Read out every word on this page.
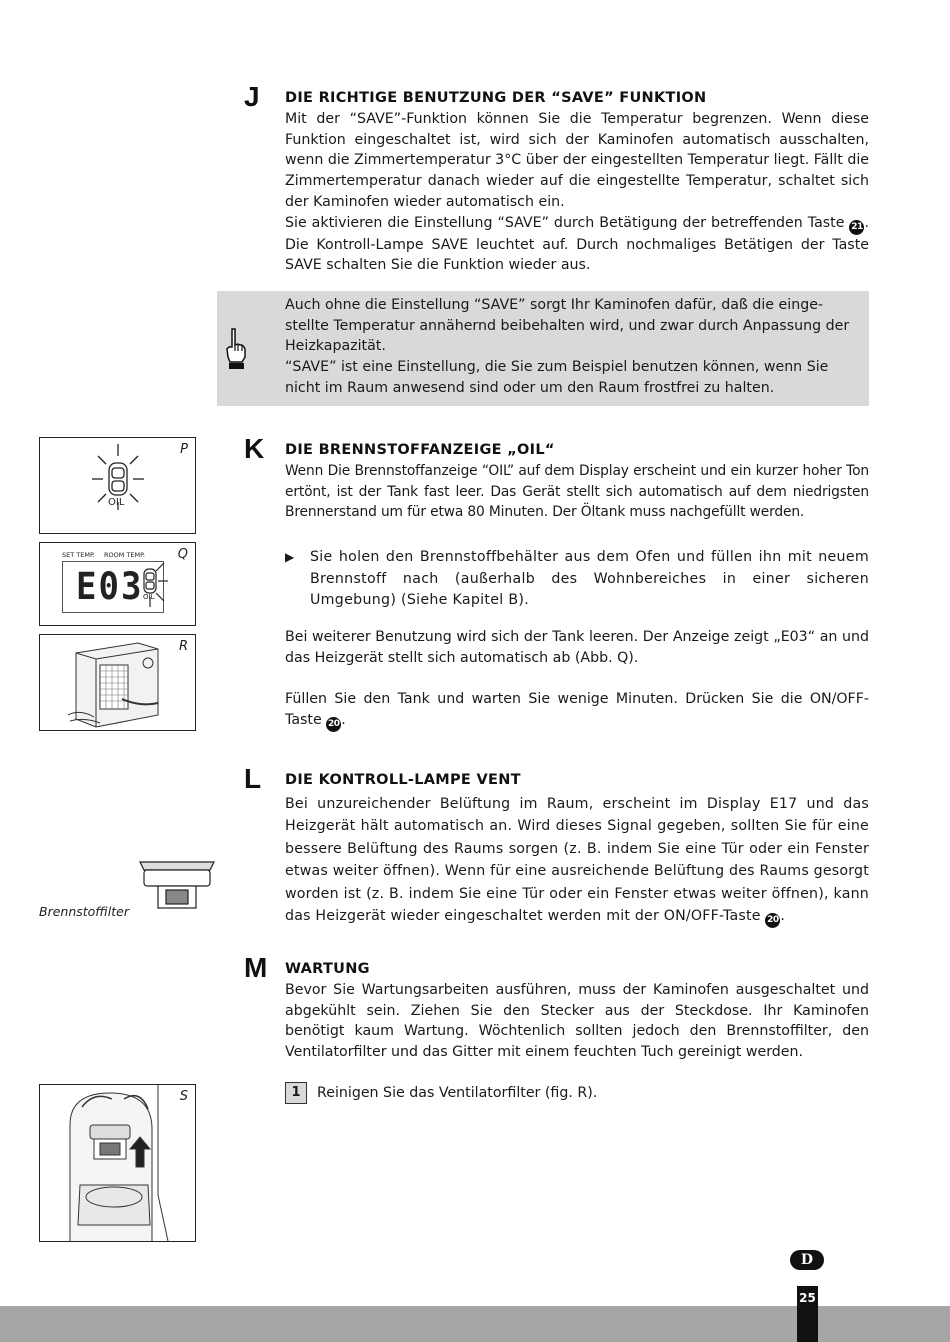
J DIE RICHTIGE BENUTZUNG DER “SAVE” FUNKTION

Mit der “SAVE”-Funktion können Sie die Temperatur begrenzen. Wenn diese Funktion eingeschaltet ist, wird sich der Kaminofen automatisch ausschalten, wenn die Zimmertemperatur 3°C über der eingestellten Temperatur liegt. Fällt die Zimmertemperatur danach wieder auf die eingestellte Temperatur, schaltet sich der Kaminofen wieder automatisch ein.

Sie aktivieren die Einstellung “SAVE” durch Betätigung der betreffenden Taste 21 . Die Kontroll-Lampe SAVE leuchtet auf. Durch nochmaliges Betätigen der Taste SAVE schalten Sie die Funktion wieder aus.

Auch ohne die Einstellung “SAVE” sorgt Ihr Kaminofen dafür, daß die einge-stellte Temperatur annähernd beibehalten wird, und zwar durch Anpassung der Heizkapazität.

“SAVE” ist eine Einstellung, die Sie zum Beispiel benutzen können, wenn Sie nicht im Raum anwesend sind oder um den Raum frostfrei zu halten.

K DIE BRENNSTOFFANZEIGE „OIL“

Wenn Die Brennstoffanzeige “OIL” auf dem Display erscheint und ein kurzer hoher Ton ertönt, ist der Tank fast leer. Das Gerät stellt sich automatisch auf dem niedrigsten Brennerstand um für etwa 80 Minuten. Der Öltank muss nachgefüllt werden.

▶ Sie holen den Brennstoffbehälter aus dem Ofen und füllen ihn mit neuem Brennstoff nach (außerhalb des Wohnbereiches in einer sicheren Umgebung) (Siehe Kapitel B).

Bei weiterer Benutzung wird sich der Tank leeren. Der Anzeige zeigt „E03“ an und das Heizgerät stellt sich automatisch ab (Abb. Q).

Füllen Sie den Tank und warten Sie wenige Minuten. Drücken Sie die ON/OFF-Taste 20 .

L DIE KONTROLL-LAMPE VENT

Bei unzureichender Belüftung im Raum, erscheint im Display E17 und das Heizgerät hält automatisch an. Wird dieses Signal gegeben, sollten Sie für eine bessere Belüftung des Raums sorgen (z. B. indem Sie eine Tür oder ein Fenster etwas weiter öffnen). Wenn für eine ausreichende Belüftung des Raums gesorgt worden ist (z. B. indem Sie eine Tür oder ein Fenster etwas weiter öffnen), kann das Heizgerät wieder eingeschaltet werden mit der ON/OFF-Taste 20 .

M WARTUNG

Bevor Sie Wartungsarbeiten ausführen, muss der Kaminofen ausgeschaltet und abgekühlt sein. Ziehen Sie den Stecker aus der Steckdose. Ihr Kaminofen benötigt kaum Wartung. Wöchtenlich sollten jedoch den Brennstoffilter, den Ventilatorfilter und das Gitter mit einem feuchten Tuch gereinigt werden.

1 Reinigen Sie das Ventilatorfilter (fig. R).
P
OIL
Q
SET TEMP. ROOM TEMP.
E03 OIL
R
Brennstoffilter
S
D
25
